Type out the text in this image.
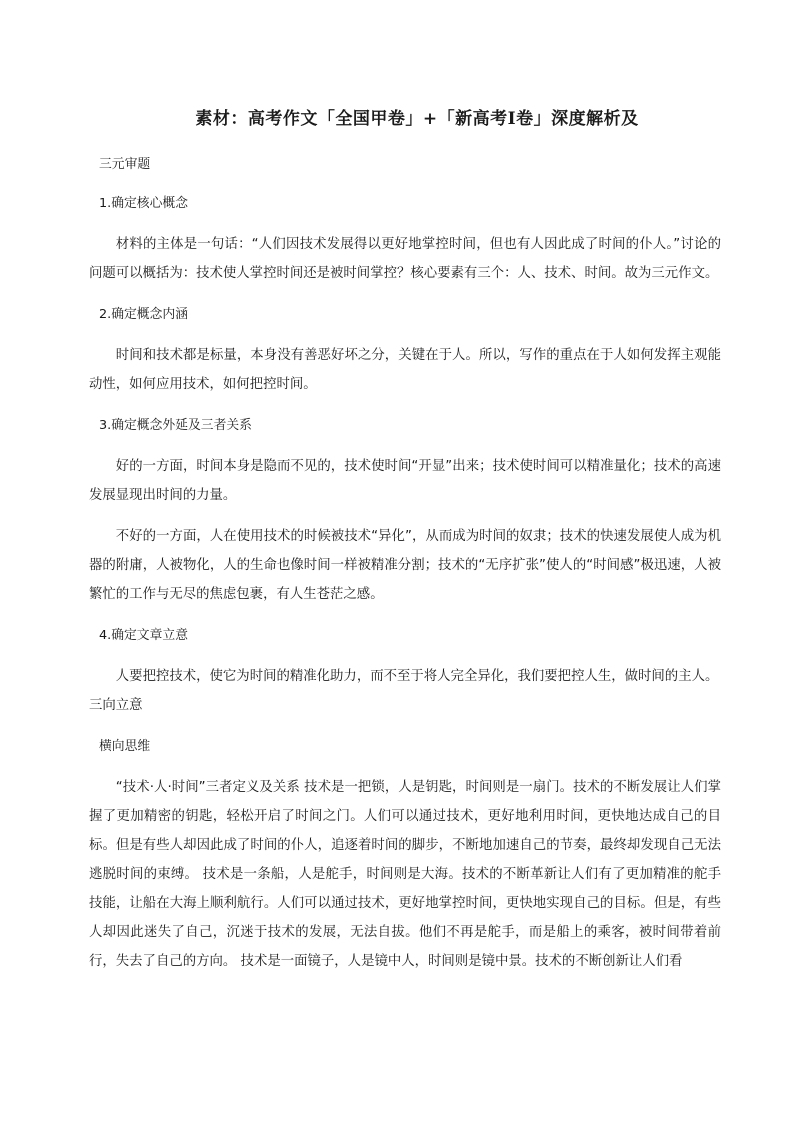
素材：高考作文「全国甲卷」+「新高考Ⅰ卷」深度解析及

三元审题

1.确定核心概念

材料的主体是一句话：“人们因技术发展得以更好地掌控时间，但也有人因此成了时间的仆人。”讨论的问题可以概括为：技术使人掌控时间还是被时间掌控？核心要素有三个：人、技术、时间。故为三元作文。

2.确定概念内涵

时间和技术都是标量，本身没有善恶好坏之分，关键在于人。所以，写作的重点在于人如何发挥主观能动性，如何应用技术，如何把控时间。

3.确定概念外延及三者关系

好的一方面，时间本身是隐而不见的，技术使时间“开显”出来；技术使时间可以精准量化；技术的高速发展显现出时间的力量。

不好的一方面，人在使用技术的时候被技术“异化”，从而成为时间的奴隶；技术的快速发展使人成为机器的附庸，人被物化，人的生命也像时间一样被精准分割；技术的“无序扩张”使人的“时间感”极迅速，人被繁忙的工作与无尽的焦虑包裹，有人生苍茫之感。

4.确定文章立意

人要把控技术，使它为时间的精准化助力，而不至于将人完全异化，我们要把控人生，做时间的主人。

三向立意

横向思维

“技术·人·时间”三者定义及关系 技术是一把锁，人是钥匙，时间则是一扇门。技术的不断发展让人们掌握了更加精密的钥匙，轻松开启了时间之门。人们可以通过技术，更好地利用时间，更快地达成自己的目标。但是有些人却因此成了时间的仆人，追逐着时间的脚步，不断地加速自己的节奏，最终却发现自己无法逃脱时间的束缚。 技术是一条船，人是舵手，时间则是大海。技术的不断革新让人们有了更加精准的舵手技能，让船在大海上顺利航行。人们可以通过技术，更好地掌控时间，更快地实现自己的目标。但是，有些人却因此迷失了自己，沉迷于技术的发展，无法自拔。他们不再是舵手，而是船上的乘客，被时间带着前行，失去了自己的方向。 技术是一面镜子，人是镜中人，时间则是镜中景。技术的不断创新让人们看
